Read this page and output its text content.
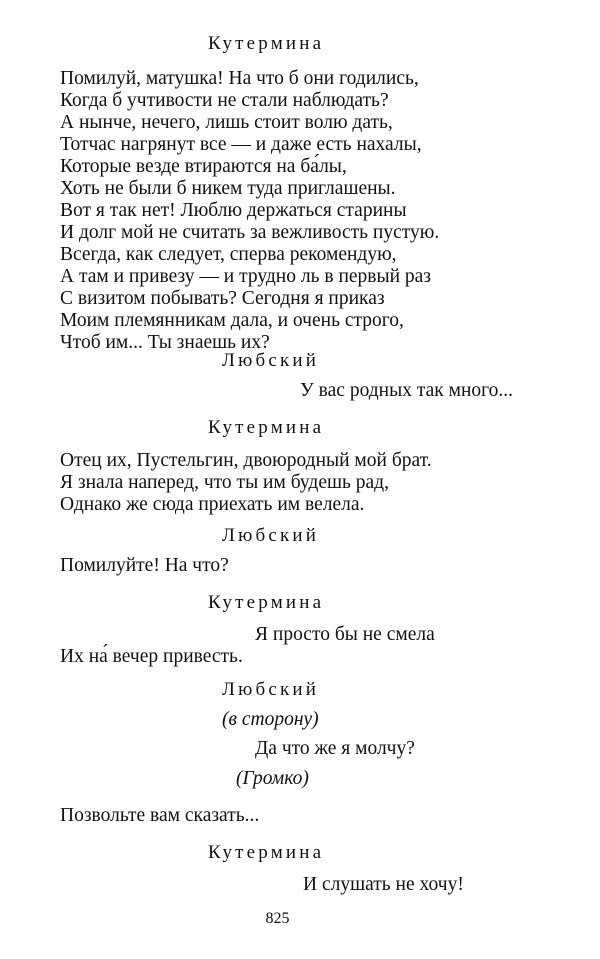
Кутермина
Помилуй, матушка! На что б они годились,
Когда б учтивости не стали наблюдать?
А нынче, нечего, лишь стоит волю дать,
Тотчас нагрянут все — и даже есть нахалы,
Которые везде втираются на ба́лы,
Хоть не были б никем туда приглашены.
Вот я так нет! Люблю держаться старины
И долг мой не считать за вежливость пустую.
Всегда, как следует, сперва рекомендую,
А там и привезу — и трудно ль в первый раз
С визитом побывать? Сегодня я приказ
Моим племянникам дала, и очень строго,
Чтоб им... Ты знаешь их?
Любский
У вас родных так много...
Кутермина
Отец их, Пустельгин, двоюродный мой брат.
Я знала наперед, что ты им будешь рад,
Однако же сюда приехать им велела.
Любский
Помилуйте! На что?
Кутермина
Я просто бы не смела
Их на́ вечер привесть.
Любский
(в сторону)
Да что же я молчу?
(Громко)
Позвольте вам сказать...
Кутермина
И слушать не хочу!
825
